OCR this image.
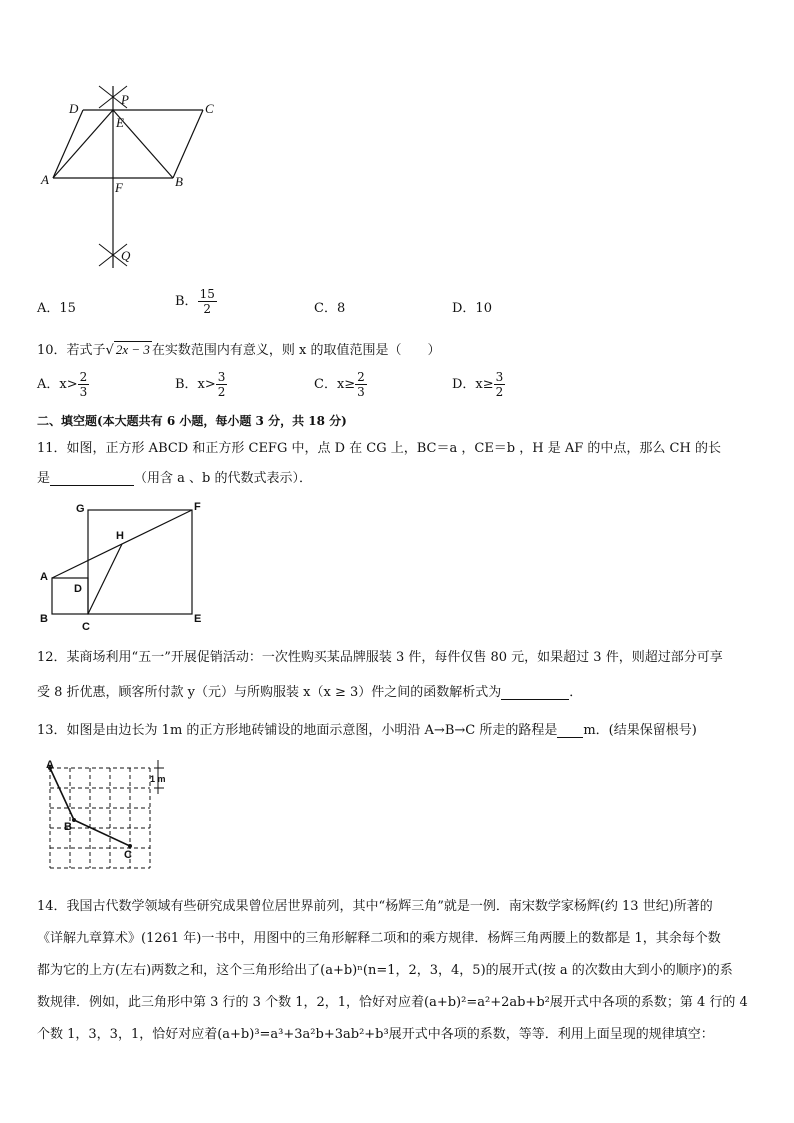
D
P
C
E
A
F	B
Q
A．15	B． $\frac{15}{2}$	C．8	D．10
10．若式子√ 2x − 3 在实数范围内有意义，则 x 的取值范围是（　　）
A．$x> \frac{2}{3}$	B．$x> \frac{3}{2}$	C．$x\ge \frac{2}{3}$	D．$x\ge \frac{3}{2}$
二、填空题(本大题共有 6 小题，每小题 3 分，共 18 分)
11．如图，正方形 ABCD 和正方形 CEFG 中，点 D 在 CG 上，BC＝a ，CE＝b ，H 是 AF 的中点，那么 CH 的长
是	（用含 a 、b 的代数式表示）．
G	F
H
A
D
B
C
E
12．某商场利用“五一”开展促销活动：一次性购买某品牌服装 3 件，每件仅售 80 元，如果超过 3 件，则超过部分可享
受 8 折优惠，顾客所付款 y（元）与所购服装 x（x ≥ 3）件之间的函数解析式为	．
13．如图是由边长为 1m 的正方形地砖铺设的地面示意图，小明沿 A→B→C 所走的路程是 m．(结果保留根号)
A
B
C
1 m
14．我国古代数学领域有些研究成果曾位居世界前列，其中“杨辉三角”就是一例．南宋数学家杨辉(约 13 世纪)所著的
《详解九章算术》(1261 年)一书中，用图中的三角形解释二项和的乘方规律．杨辉三角两腰上的数都是 1，其余每个数
都为它的上方(左右)两数之和，这个三角形给出了(a+b)ⁿ(n=1，2，3，4，5)的展开式(按 a 的次数由大到小的顺序)的系
数规律．例如，此三角形中第 3 行的 3 个数 1，2，1，恰好对应着(a+b)²=a²+2ab+b²展开式中各项的系数；第 4 行的 4
个数 1，3，3，1，恰好对应着(a+b)³=a³+3a²b+3ab²+b³展开式中各项的系数，等等．利用上面呈现的规律填空：
